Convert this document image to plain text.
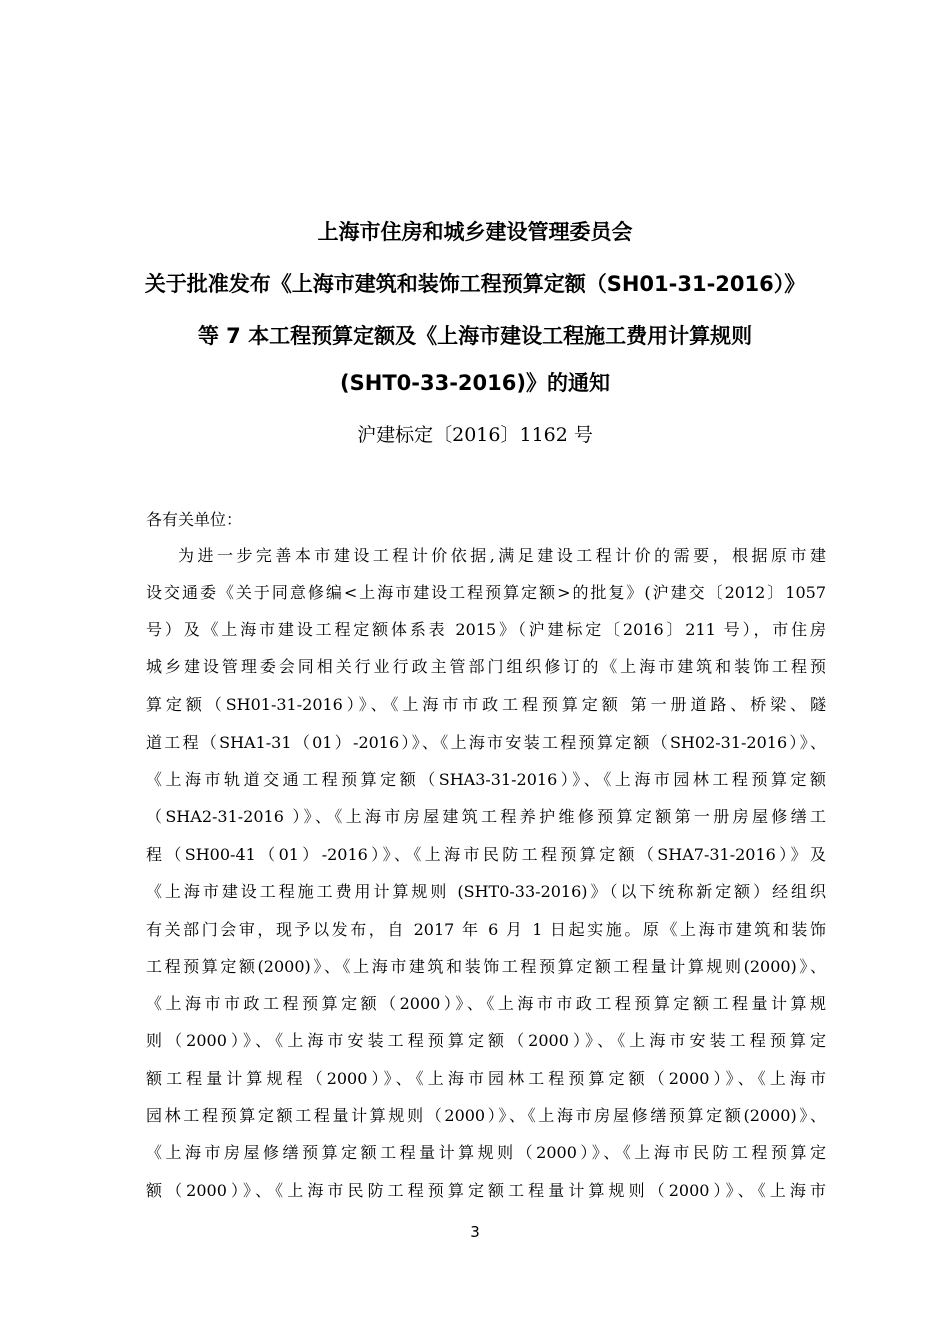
上海市住房和城乡建设管理委员会
关于批准发布《上海市建筑和装饰工程预算定额（SH01-31-2016）》
等 7 本工程预算定额及《上海市建设工程施工费用计算规则
(SHT0-33-2016)》的通知
沪建标定〔2016〕1162 号
各有关单位：
为进一步完善本市建设工程计价依据,满足建设工程计价的需要，根据原市建
设交通委《关于同意修编<上海市建设工程预算定额>的批复》(沪建交〔2012〕1057
号）及《上海市建设工程定额体系表 2015》（沪建标定〔2016〕211 号），市住房
城乡建设管理委会同相关行业行政主管部门组织修订的《上海市建筑和装饰工程预
算定额（SH01-31-2016）》、《上海市市政工程预算定额 第一册道路、桥梁、隧
道工程（SHA1-31（01）-2016）》、《上海市安装工程预算定额（SH02-31-2016）》、
《上海市轨道交通工程预算定额（SHA3-31-2016）》、《上海市园林工程预算定额
（SHA2-31-2016 ）》、《上海市房屋建筑工程养护维修预算定额第一册房屋修缮工
程（SH00-41（01）-2016）》、《上海市民防工程预算定额（SHA7-31-2016）》及
《上海市建设工程施工费用计算规则 (SHT0-33-2016)》（以下统称新定额）经组织
有关部门会审，现予以发布，自 2017 年 6 月 1 日起实施。原《上海市建筑和装饰
工程预算定额(2000)》、《上海市建筑和装饰工程预算定额工程量计算规则(2000)》、
《上海市市政工程预算定额（2000）》、《上海市市政工程预算定额工程量计算规
则（2000）》、《上海市安装工程预算定额（2000）》、《上海市安装工程预算定
额工程量计算规程（2000）》、《上海市园林工程预算定额（2000）》、《上海市
园林工程预算定额工程量计算规则（2000）》、《上海市房屋修缮预算定额(2000)》、
《上海市房屋修缮预算定额工程量计算规则（2000）》、《上海市民防工程预算定
额（2000）》、《上海市民防工程预算定额工程量计算规则（2000）》、《上海市
3
